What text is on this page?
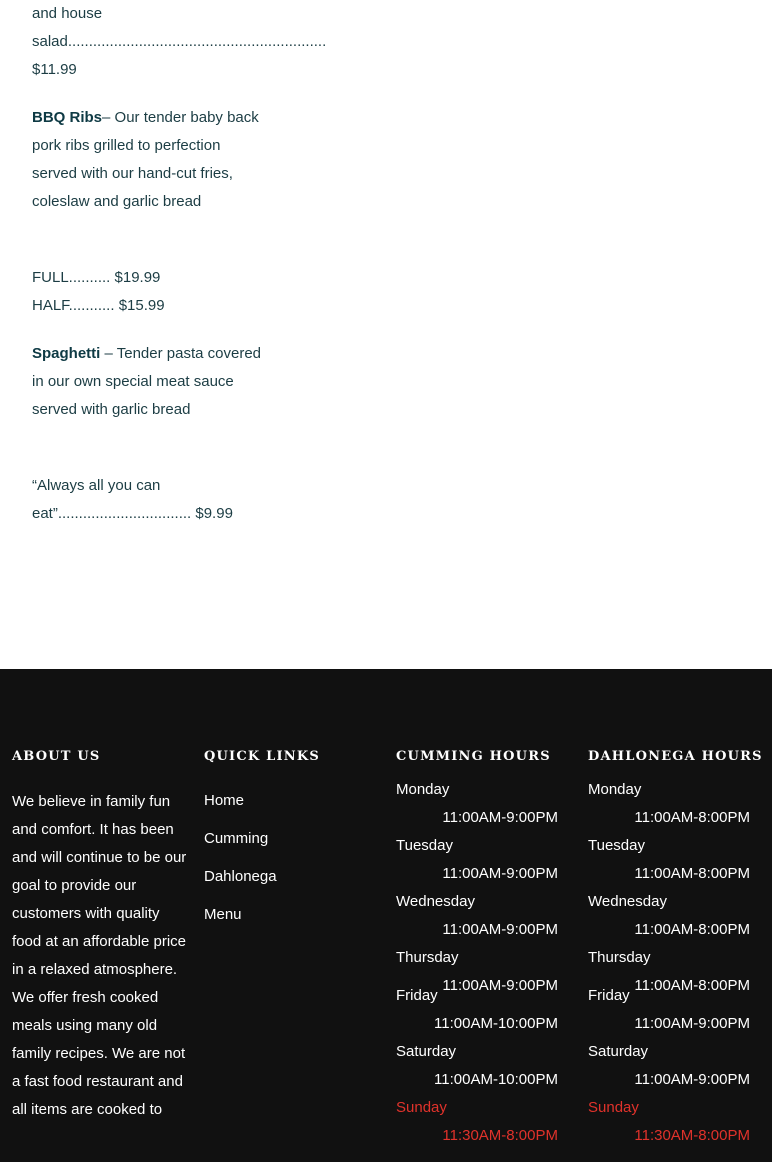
and house salad.............................................................. $11.99

BBQ Ribs– Our tender baby back pork ribs grilled to perfection served with our hand-cut fries, coleslaw and garlic bread

FULL.......... $19.99

HALF........... $15.99

Spaghetti – Tender pasta covered in our own special meat sauce served with garlic bread

“Always all you can eat”................................ $9.99

ABOUT US

We believe in family fun and comfort. It has been and will continue to be our goal to provide our customers with quality food at an affordable price in a relaxed atmosphere. We offer fresh cooked meals using many old family recipes. We are not a fast food restaurant and all items are cooked to

QUICK LINKS
Home
Cumming
Dahlonega
Menu
CUMMING HOURS
Monday
11:00AM-9:00PM
Tuesday
11:00AM-9:00PM
Wednesday
11:00AM-9:00PM
Thursday
11:00AM-9:00PM
Friday
11:00AM-10:00PM
Saturday
11:00AM-10:00PM
Sunday
11:30AM-8:00PM
DAHLONEGA HOURS
Monday
11:00AM-8:00PM
Tuesday
11:00AM-8:00PM
Wednesday
11:00AM-8:00PM
Thursday
11:00AM-8:00PM
Friday
11:00AM-9:00PM
Saturday
11:00AM-9:00PM
Sunday
11:30AM-8:00PM
